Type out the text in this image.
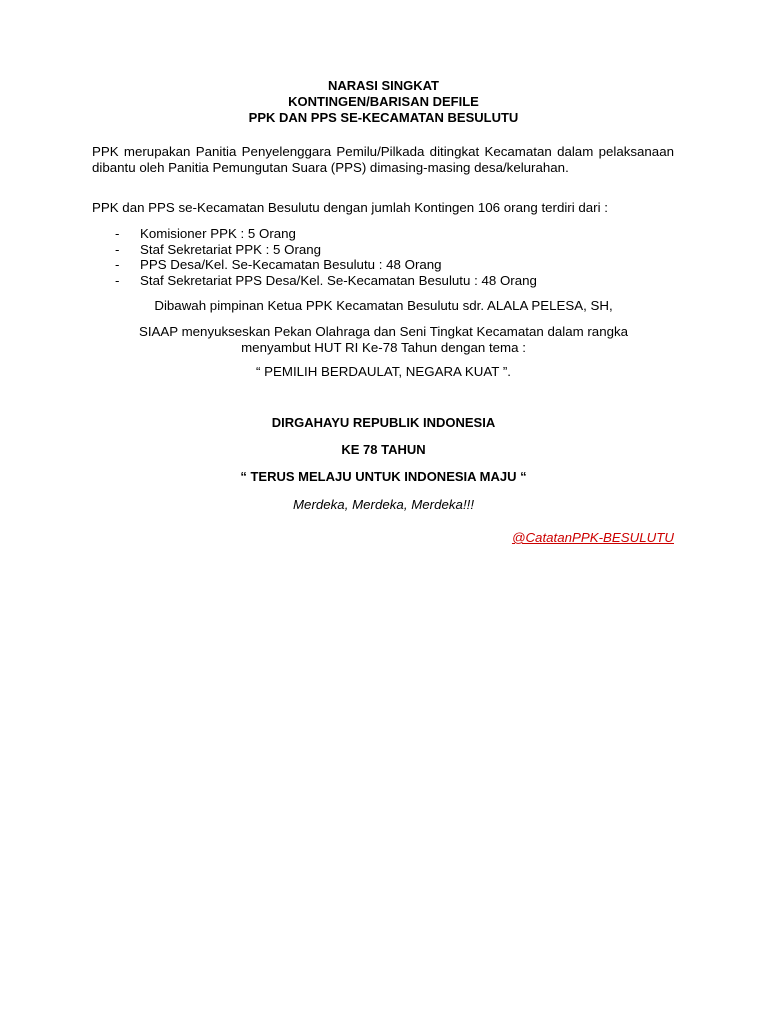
NARASI SINGKAT
KONTINGEN/BARISAN DEFILE
PPK DAN PPS SE-KECAMATAN BESULUTU
PPK merupakan Panitia Penyelenggara Pemilu/Pilkada ditingkat Kecamatan dalam pelaksanaan dibantu oleh Panitia Pemungutan Suara (PPS) dimasing-masing desa/kelurahan.
PPK dan PPS se-Kecamatan Besulutu dengan jumlah Kontingen 106 orang terdiri dari :
- Komisioner PPK : 5 Orang
- Staf Sekretariat PPK : 5 Orang
- PPS Desa/Kel. Se-Kecamatan Besulutu : 48 Orang
- Staf Sekretariat PPS Desa/Kel. Se-Kecamatan Besulutu : 48 Orang
Dibawah pimpinan Ketua PPK Kecamatan Besulutu sdr. ALALA PELESA, SH,
SIAAP menyukseskan Pekan Olahraga dan Seni Tingkat Kecamatan dalam rangka
menyambut HUT RI Ke-78 Tahun dengan tema :
“ PEMILIH BERDAULAT, NEGARA KUAT ”.
DIRGAHAYU REPUBLIK INDONESIA
KE 78 TAHUN
“ TERUS MELAJU UNTUK INDONESIA MAJU “
Merdeka, Merdeka, Merdeka!!!
@CatatanPPK-BESULUTU
